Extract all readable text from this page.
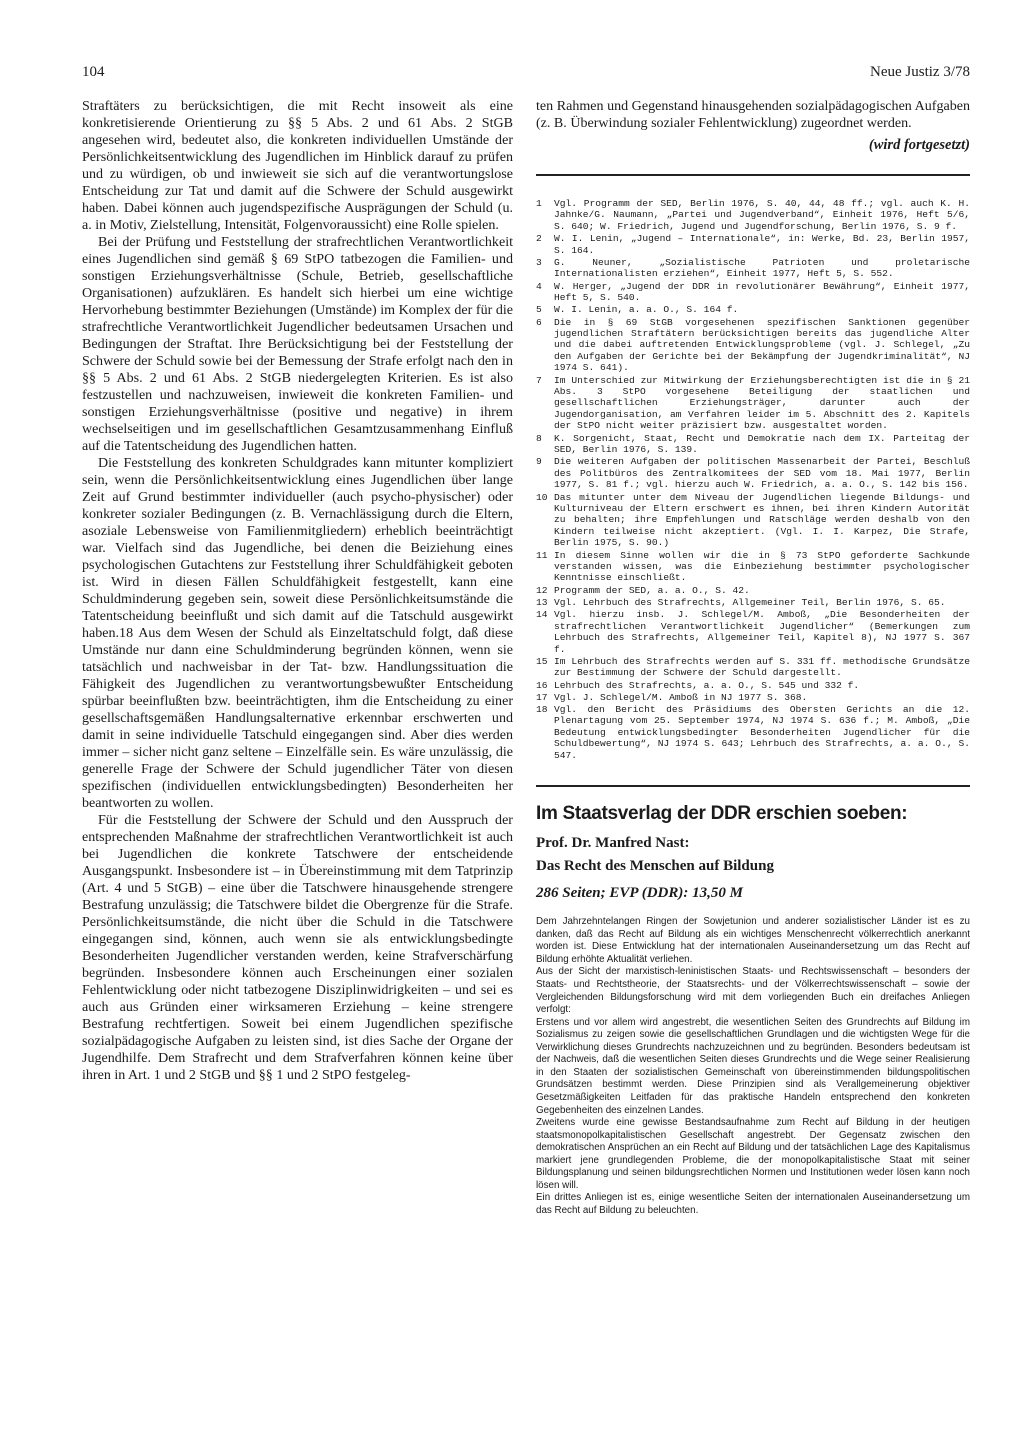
104	Neue Justiz 3/78

Straftäters zu berücksichtigen, die mit Recht insoweit als eine konkretisierende Orientierung zu §§ 5 Abs. 2 und 61 Abs. 2 StGB angesehen wird, bedeutet also, die konkreten individuellen Umstände der Persönlichkeitsentwicklung des Jugendlichen im Hinblick darauf zu prüfen und zu würdigen, ob und inwieweit sie sich auf die verantwortungslose Entscheidung zur Tat und damit auf die Schwere der Schuld ausgewirkt haben. Dabei können auch jugendspezifische Ausprägungen der Schuld (u. a. in Motiv, Zielstellung, Intensität, Folgenvoraussicht) eine Rolle spielen.

Bei der Prüfung und Feststellung der strafrechtlichen Verantwortlichkeit eines Jugendlichen sind gemäß § 69 StPO tatbezogen die Familien- und sonstigen Erziehungsverhältnisse (Schule, Betrieb, gesellschaftliche Organisationen) aufzuklären. Es handelt sich hierbei um eine wichtige Hervorhebung bestimmter Beziehungen (Umstände) im Komplex der für die strafrechtliche Verantwortlichkeit Jugendlicher bedeutsamen Ursachen und Bedingungen der Straftat. Ihre Berücksichtigung bei der Feststellung der Schwere der Schuld sowie bei der Bemessung der Strafe erfolgt nach den in §§ 5 Abs. 2 und 61 Abs. 2 StGB niedergelegten Kriterien. Es ist also festzustellen und nachzuweisen, inwieweit die konkreten Familien- und sonstigen Erziehungsverhältnisse (positive und negative) in ihrem wechselseitigen und im gesellschaftlichen Gesamtzusammenhang Einfluß auf die Tatentscheidung des Jugendlichen hatten.

Die Feststellung des konkreten Schuldgrades kann mitunter kompliziert sein, wenn die Persönlichkeitsentwicklung eines Jugendlichen über lange Zeit auf Grund bestimmter individueller (auch psycho-physischer) oder konkreter sozialer Bedingungen (z. B. Vernachlässigung durch die Eltern, asoziale Lebensweise von Familienmitgliedern) erheblich beeinträchtigt war. Vielfach sind das Jugendliche, bei denen die Beiziehung eines psychologischen Gutachtens zur Feststellung ihrer Schuldfähigkeit geboten ist. Wird in diesen Fällen Schuldfähigkeit festgestellt, kann eine Schuldminderung gegeben sein, soweit diese Persönlichkeitsumstände die Tatentscheidung beeinflußt und sich damit auf die Tatschuld ausgewirkt haben.18 Aus dem Wesen der Schuld als Einzeltatschuld folgt, daß diese Umstände nur dann eine Schuldminderung begründen können, wenn sie tatsächlich und nachweisbar in der Tat- bzw. Handlungssituation die Fähigkeit des Jugendlichen zu verantwortungsbewußter Entscheidung spürbar beeinflußten bzw. beeinträchtigten, ihm die Entscheidung zu einer gesellschaftsgemäßen Handlungsalternative erkennbar erschwerten und damit in seine individuelle Tatschuld eingegangen sind. Aber dies werden immer – sicher nicht ganz seltene – Einzelfälle sein. Es wäre unzulässig, die generelle Frage der Schwere der Schuld jugendlicher Täter von diesen spezifischen (individuellen entwicklungsbedingten) Besonderheiten her beantworten zu wollen.

Für die Feststellung der Schwere der Schuld und den Ausspruch der entsprechenden Maßnahme der strafrechtlichen Verantwortlichkeit ist auch bei Jugendlichen die konkrete Tatschwere der entscheidende Ausgangspunkt. Insbesondere ist – in Übereinstimmung mit dem Tatprinzip (Art. 4 und 5 StGB) – eine über die Tatschwere hinausgehende strengere Bestrafung unzulässig; die Tatschwere bildet die Obergrenze für die Strafe. Persönlichkeitsumstände, die nicht über die Schuld in die Tatschwere eingegangen sind, können, auch wenn sie als entwicklungsbedingte Besonderheiten Jugendlicher verstanden werden, keine Strafverschärfung begründen. Insbesondere können auch Erscheinungen einer sozialen Fehlentwicklung oder nicht tatbezogene Disziplinwidrigkeiten – und sei es auch aus Gründen einer wirksameren Erziehung – keine strengere Bestrafung rechtfertigen. Soweit bei einem Jugendlichen spezifische sozialpädagogische Aufgaben zu leisten sind, ist dies Sache der Organe der Jugendhilfe. Dem Strafrecht und dem Strafverfahren können keine über ihren in Art. 1 und 2 StGB und §§ 1 und 2 StPO festgeleg-

ten Rahmen und Gegenstand hinausgehenden sozialpädagogischen Aufgaben (z. B. Überwindung sozialer Fehlentwicklung) zugeordnet werden.

(wird fortgesetzt)
1	Vgl. Programm der SED, Berlin 1976, S. 40, 44, 48 ff.; vgl. auch K. H. Jahnke/G. Naumann, „Partei und Jugendverband“, Einheit 1976, Heft 5/6, S. 640; W. Friedrich, Jugend und Jugendforschung, Berlin 1976, S. 9 f.
2	W. I. Lenin, „Jugend – Internationale“, in: Werke, Bd. 23, Berlin 1957, S. 164.
3	G. Neuner, „Sozialistische Patrioten und proletarische Internationalisten erziehen“, Einheit 1977, Heft 5, S. 552.
4	W. Herger, „Jugend der DDR in revolutionärer Bewährung“, Einheit 1977, Heft 5, S. 540.
5	W. I. Lenin, a. a. O., S. 164 f.
6	Die in § 69 StGB vorgesehenen spezifischen Sanktionen gegenüber jugendlichen Straftätern berücksichtigen bereits das jugendliche Alter und die dabei auftretenden Entwicklungsprobleme (vgl. J. Schlegel, „Zu den Aufgaben der Gerichte bei der Bekämpfung der Jugendkriminalität“, NJ 1974 S. 641).
7	Im Unterschied zur Mitwirkung der Erziehungsberechtigten ist die in § 21 Abs. 3 StPO vorgesehene Beteiligung der staatlichen und gesellschaftlichen Erziehungsträger, darunter auch der Jugendorganisation, am Verfahren leider im 5. Abschnitt des 2. Kapitels der StPO nicht weiter präzisiert bzw. ausgestaltet worden.
8	K. Sorgenicht, Staat, Recht und Demokratie nach dem IX. Parteitag der SED, Berlin 1976, S. 139.
9	Die weiteren Aufgaben der politischen Massenarbeit der Partei, Beschluß des Politbüros des Zentralkomitees der SED vom 18. Mai 1977, Berlin 1977, S. 81 f.; vgl. hierzu auch W. Friedrich, a. a. O., S. 142 bis 156.
10 Das mitunter unter dem Niveau der Jugendlichen liegende Bildungs- und Kulturniveau der Eltern erschwert es ihnen, bei ihren Kindern Autorität zu behalten; ihre Empfehlungen und Ratschläge werden deshalb von den Kindern teilweise nicht akzeptiert. (Vgl. I. I. Karpez, Die Strafe, Berlin 1975, S. 90.)
11 In diesem Sinne wollen wir die in § 73 StPO geforderte Sachkunde verstanden wissen, was die Einbeziehung bestimmter psychologischer Kenntnisse einschließt.
12 Programm der SED, a. a. O., S. 42.
13 Vgl. Lehrbuch des Strafrechts, Allgemeiner Teil, Berlin 1976, S. 65.
14 Vgl. hierzu insb. J. Schlegel/M. Amboß, „Die Besonderheiten der strafrechtlichen Verantwortlichkeit Jugendlicher“ (Bemerkungen zum Lehrbuch des Strafrechts, Allgemeiner Teil, Kapitel 8), NJ 1977 S. 367 f.
15 Im Lehrbuch des Strafrechts werden auf S. 331 ff. methodische Grundsätze zur Bestimmung der Schwere der Schuld dargestellt.
16 Lehrbuch des Strafrechts, a. a. O., S. 545 und 332 f.
17 Vgl. J. Schlegel/M. Amboß in NJ 1977 S. 368.
18 Vgl. den Bericht des Präsidiums des Obersten Gerichts an die 12. Plenartagung vom 25. September 1974, NJ 1974 S. 636 f.; M. Amboß, „Die Bedeutung entwicklungsbedingter Besonderheiten Jugendlicher für die Schuldbewertung“, NJ 1974 S. 643; Lehrbuch des Strafrechts, a. a. O., S. 547.
Im Staatsverlag der DDR erschien soeben:
Prof. Dr. Manfred Nast:
Das Recht des Menschen auf Bildung
286 Seiten; EVP (DDR): 13,50 M

Dem Jahrzehntelangen Ringen der Sowjetunion und anderer sozialistischer Länder ist es zu danken, daß das Recht auf Bildung als ein wichtiges Menschenrecht völkerrechtlich anerkannt worden ist. Diese Entwicklung hat der internationalen Auseinandersetzung um das Recht auf Bildung erhöhte Aktualität verliehen.

Aus der Sicht der marxistisch-leninistischen Staats- und Rechtswissenschaft – besonders der Staats- und Rechtstheorie, der Staatsrechts- und der Völkerrechtswissenschaft – sowie der Vergleichenden Bildungsforschung wird mit dem vorliegenden Buch ein dreifaches Anliegen verfolgt:

Erstens und vor allem wird angestrebt, die wesentlichen Seiten des Grundrechts auf Bildung im Sozialismus zu zeigen sowie die gesellschaftlichen Grundlagen und die wichtigsten Wege für die Verwirklichung dieses Grundrechts nachzuzeichnen und zu begründen. Besonders bedeutsam ist der Nachweis, daß die wesentlichen Seiten dieses Grundrechts und die Wege seiner Realisierung in den Staaten der sozialistischen Gemeinschaft von übereinstimmenden bildungspolitischen Grundsätzen bestimmt werden. Diese Prinzipien sind als Verallgemeinerung objektiver Gesetzmäßigkeiten Leitfaden für das praktische Handeln entsprechend den konkreten Gegebenheiten des einzelnen Landes.

Zweitens wurde eine gewisse Bestandsaufnahme zum Recht auf Bildung in der heutigen staatsmonopolkapitalistischen Gesellschaft angestrebt. Der Gegensatz zwischen den demokratischen Ansprüchen an ein Recht auf Bildung und der tatsächlichen Lage des Kapitalismus markiert jene grundlegenden Probleme, die der monopolkapitalistische Staat mit seiner Bildungsplanung und seinen bildungsrechtlichen Normen und Institutionen weder lösen kann noch lösen will.

Ein drittes Anliegen ist es, einige wesentliche Seiten der internationalen Auseinandersetzung um das Recht auf Bildung zu beleuchten.
